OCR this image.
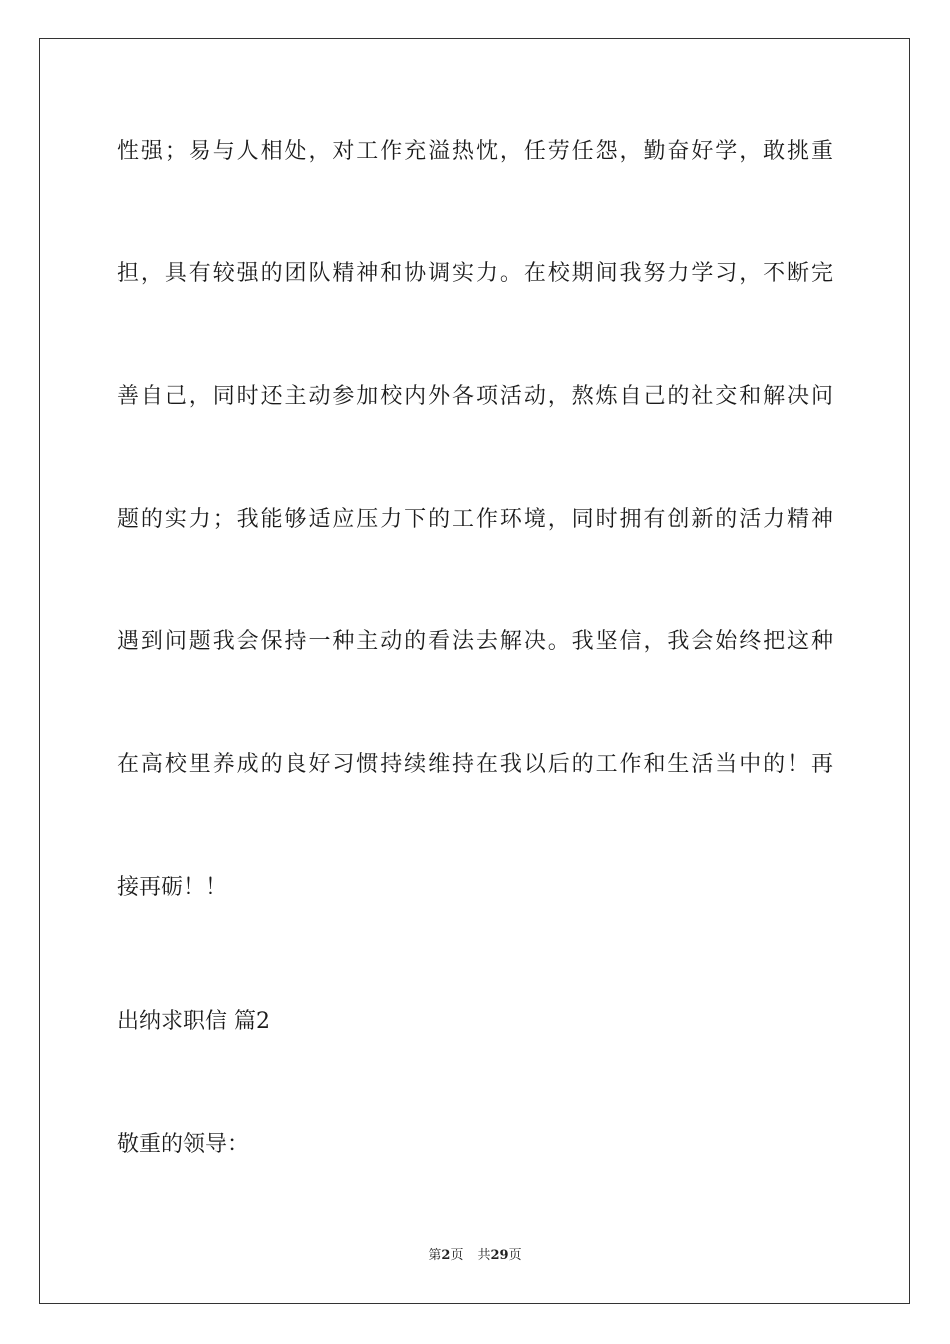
性强；易与人相处，对工作充溢热忱，任劳任怨，勤奋好学，敢挑重
担，具有较强的团队精神和协调实力。在校期间我努力学习，不断完
善自己，同时还主动参加校内外各项活动，熬炼自己的社交和解决问
题的实力；我能够适应压力下的工作环境，同时拥有创新的活力精神
遇到问题我会保持一种主动的看法去解决。我坚信，我会始终把这种
在高校里养成的良好习惯持续维持在我以后的工作和生活当中的！再
接再砺！！
出纳求职信 篇2
敬重的领导：
第2页 共29页
